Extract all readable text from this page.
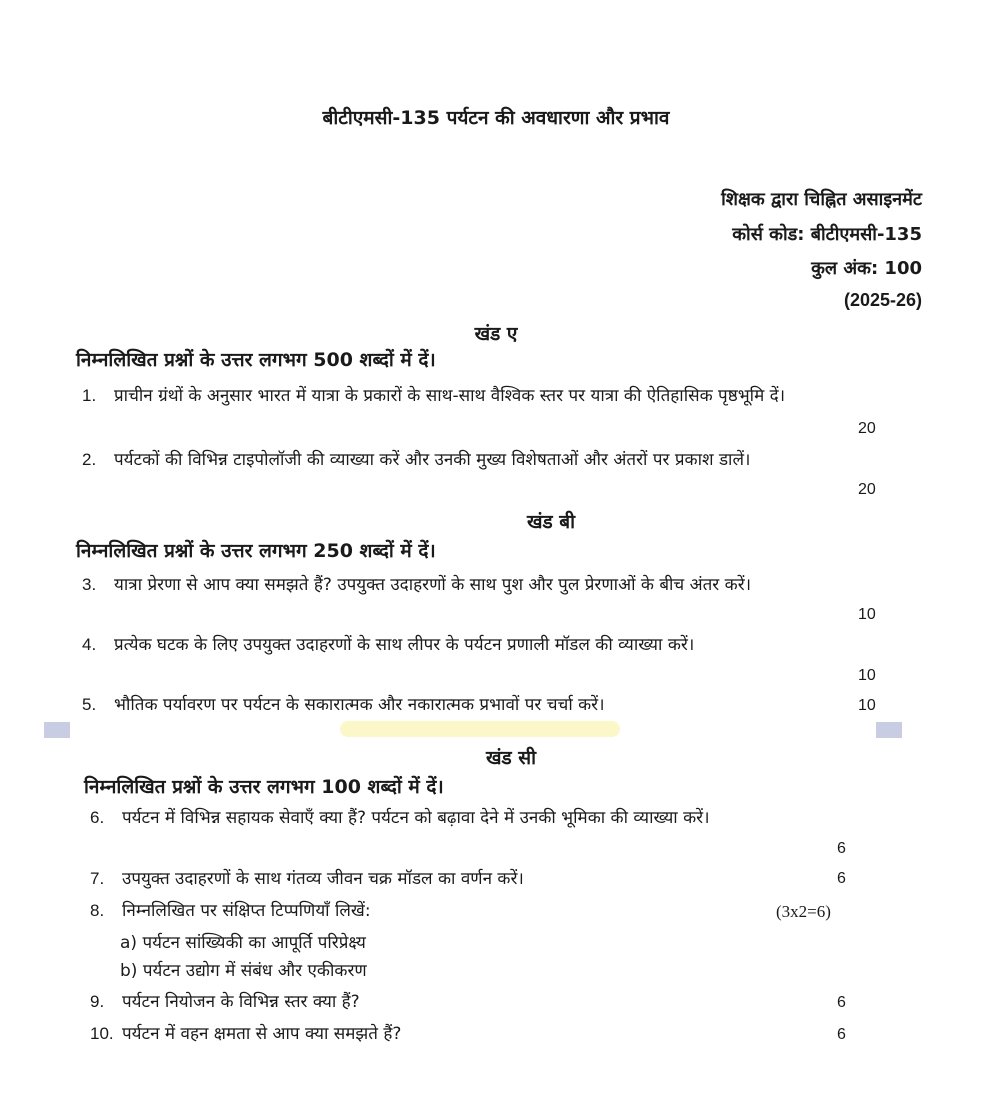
बीटीएमसी-135 पर्यटन की अवधारणा और प्रभाव
शिक्षक द्वारा चिह्नित असाइनमेंट
कोर्स कोड: बीटीएमसी-135
कुल अंक: 100
(2025-26)
खंड ए
निम्नलिखित प्रश्नों के उत्तर लगभग 500 शब्दों में दें।
1. प्राचीन ग्रंथों के अनुसार भारत में यात्रा के प्रकारों के साथ-साथ वैश्विक स्तर पर यात्रा की ऐतिहासिक पृष्ठभूमि दें।
20
2. पर्यटकों की विभिन्न टाइपोलॉजी की व्याख्या करें और उनकी मुख्य विशेषताओं और अंतरों पर प्रकाश डालें।
20
खंड बी
निम्नलिखित प्रश्नों के उत्तर लगभग 250 शब्दों में दें।
3. यात्रा प्रेरणा से आप क्या समझते हैं? उपयुक्त उदाहरणों के साथ पुश और पुल प्रेरणाओं के बीच अंतर करें।
10
4. प्रत्येक घटक के लिए उपयुक्त उदाहरणों के साथ लीपर के पर्यटन प्रणाली मॉडल की व्याख्या करें।
10
5. भौतिक पर्यावरण पर पर्यटन के सकारात्मक और नकारात्मक प्रभावों पर चर्चा करें।	10
खंड सी
निम्नलिखित प्रश्नों के उत्तर लगभग 100 शब्दों में दें।
6. पर्यटन में विभिन्न सहायक सेवाएँ क्या हैं? पर्यटन को बढ़ावा देने में उनकी भूमिका की व्याख्या करें।
6
7. उपयुक्त उदाहरणों के साथ गंतव्य जीवन चक्र मॉडल का वर्णन करें।	6
8. निम्नलिखित पर संक्षिप्त टिप्पणियाँ लिखें:	(3x2=6)
a) पर्यटन सांख्यिकी का आपूर्ति परिप्रेक्ष्य
b) पर्यटन उद्योग में संबंध और एकीकरण
9. पर्यटन नियोजन के विभिन्न स्तर क्या हैं?	6
10. पर्यटन में वहन क्षमता से आप क्या समझते हैं?	6
